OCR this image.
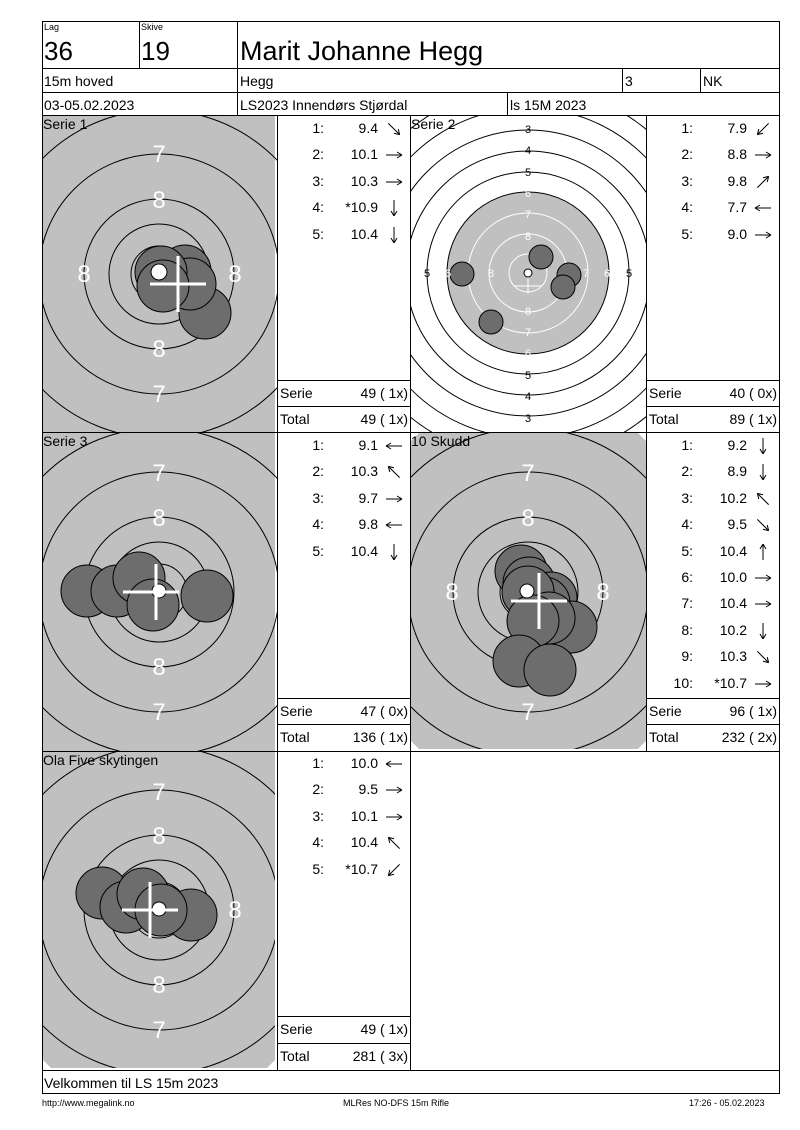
Lag
36
Skive
19	Marit Johanne Hegg
15m hoved	Hegg	3	NK
03-05.02.2023	LS2023 Innendørs Stjørdal	ls 15M 2023
7
8
8	8
8
7
Serie 1	3
4
5
6
7
8
8
7
6
5
4
3
5 6	8	7 6 5
Serie 2
7
8
8
7
Serie 3
7
8
8	8
7
10 Skudd
7
8
8
8
7
Ola Five skytingen
1: 9.4
2: 10.1
3: 10.3
4: *10.9
5: 10.4
1: 7.9
2: 8.8
3: 9.8
4: 7.7
5: 9.0
1: 9.1
2: 10.3
3: 9.7
4: 9.8
5: 10.4
1: 9.2
2: 8.9
3: 10.2
4: 9.5
5: 10.4
6: 10.0
7: 10.4
8: 10.2
9: 10.3
10: *10.7
1: 10.0
2: 9.5
3: 10.1
4: 10.4
5: *10.7
Serie	49 ( 1x)
Total	49 ( 1x)
Serie	40 ( 0x)
Total	89 ( 1x)
Serie	47 ( 0x)
Total	136 ( 1x)
Serie	96 ( 1x)
Total	232 ( 2x)
Serie	49 ( 1x)
Total	281 ( 3x)
Velkommen til LS 15m 2023
http://www.megalink.no	MLRes NO-DFS 15m Rifle	17:26 - 05.02.2023
